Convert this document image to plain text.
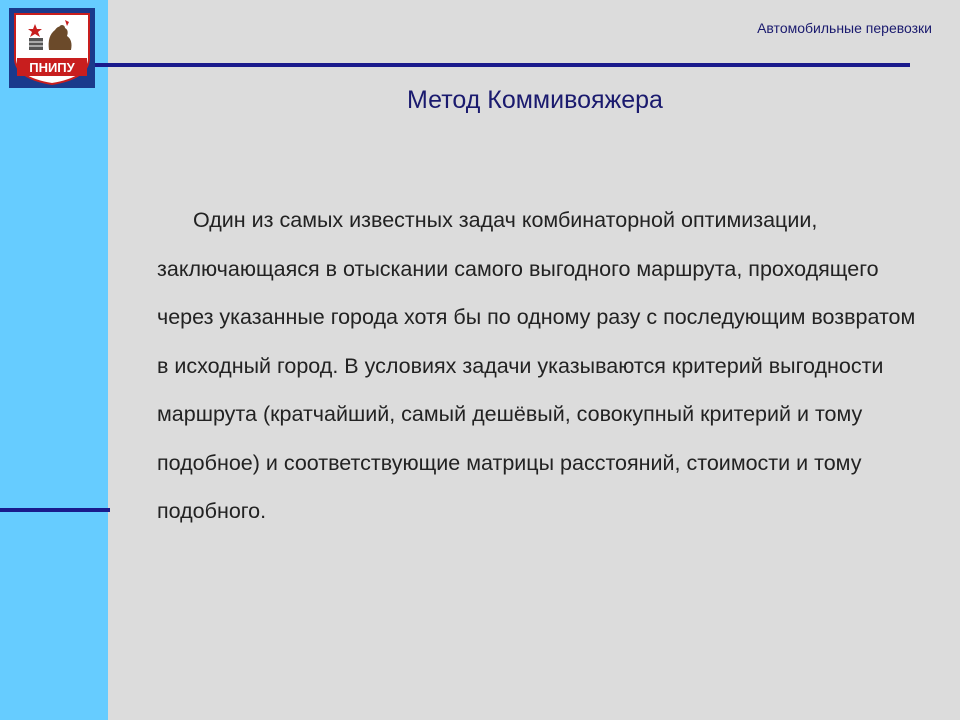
ПНИПУ
Автомобильные перевозки
Метод Коммивояжера

Один из самых известных задач комбинаторной оптимизации, заключающаяся в отыскании самого выгодного маршрута, проходящего через указанные города хотя бы по одному разу с последующим возвратом в исходный город. В условиях задачи указываются критерий выгодности маршрута (кратчайший, самый дешёвый, совокупный критерий и тому подобное) и соответствующие матрицы расстояний, стоимости и тому подобного.
